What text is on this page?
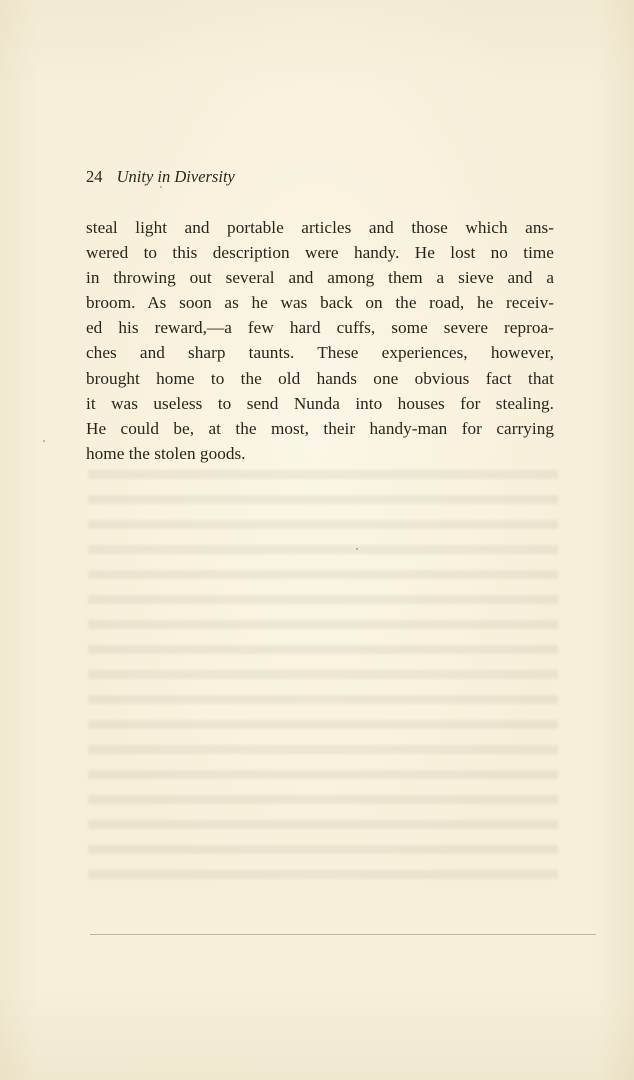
24 Unity in Diversity
steal light and portable articles and those which ans-
wered to this description were handy. He lost no time
in throwing out several and among them a sieve and a
broom. As soon as he was back on the road, he receiv-
ed his reward,—a few hard cuffs, some severe reproa-
ches and sharp taunts. These experiences, however,
brought home to the old hands one obvious fact that
it was useless to send Nunda into houses for stealing.
He could be, at the most, their handy-man for carrying
home the stolen goods.
